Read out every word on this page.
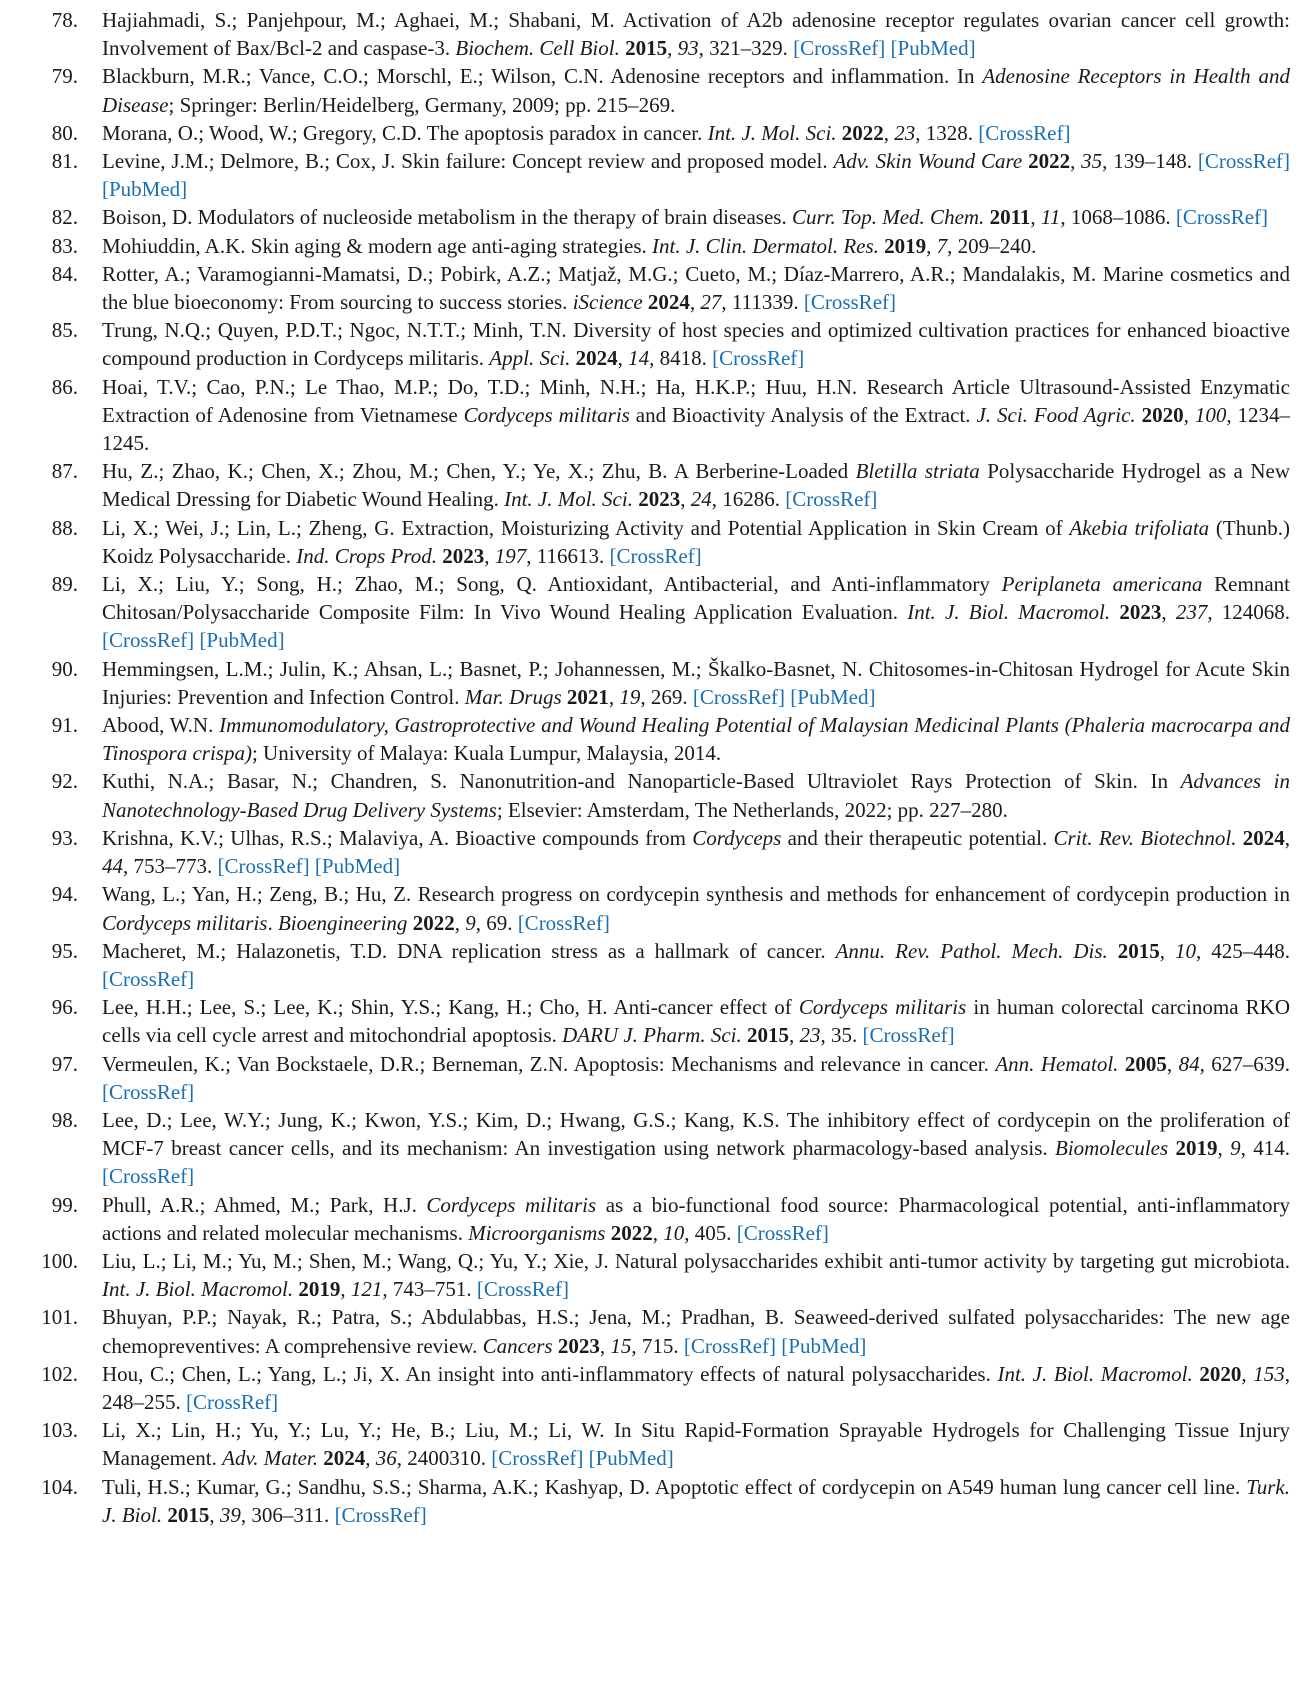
78.	Hajiahmadi, S.; Panjehpour, M.; Aghaei, M.; Shabani, M. Activation of A2b adenosine receptor regulates ovarian cancer cell growth: Involvement of Bax/Bcl-2 and caspase-3. Biochem. Cell Biol. 2015, 93, 321–329. [CrossRef] [PubMed]
79.	Blackburn, M.R.; Vance, C.O.; Morschl, E.; Wilson, C.N. Adenosine receptors and inflammation. In Adenosine Receptors in Health and Disease; Springer: Berlin/Heidelberg, Germany, 2009; pp. 215–269.
80.	Morana, O.; Wood, W.; Gregory, C.D. The apoptosis paradox in cancer. Int. J. Mol. Sci. 2022, 23, 1328. [CrossRef]
81.	Levine, J.M.; Delmore, B.; Cox, J. Skin failure: Concept review and proposed model. Adv. Skin Wound Care 2022, 35, 139–148. [CrossRef] [PubMed]
82.	Boison, D. Modulators of nucleoside metabolism in the therapy of brain diseases. Curr. Top. Med. Chem. 2011, 11, 1068–1086. [CrossRef]
83.	Mohiuddin, A.K. Skin aging & modern age anti-aging strategies. Int. J. Clin. Dermatol. Res. 2019, 7, 209–240.
84.	Rotter, A.; Varamogianni-Mamatsi, D.; Pobirk, A.Z.; Matjaž, M.G.; Cueto, M.; Díaz-Marrero, A.R.; Mandalakis, M. Marine cosmetics and the blue bioeconomy: From sourcing to success stories. iScience 2024, 27, 111339. [CrossRef]
85.	Trung, N.Q.; Quyen, P.D.T.; Ngoc, N.T.T.; Minh, T.N. Diversity of host species and optimized cultivation practices for enhanced bioactive compound production in Cordyceps militaris. Appl. Sci. 2024, 14, 8418. [CrossRef]
86.	Hoai, T.V.; Cao, P.N.; Le Thao, M.P.; Do, T.D.; Minh, N.H.; Ha, H.K.P.; Huu, H.N. Research Article Ultrasound-Assisted Enzymatic Extraction of Adenosine from Vietnamese Cordyceps militaris and Bioactivity Analysis of the Extract. J. Sci. Food Agric. 2020, 100, 1234–1245.
87.	Hu, Z.; Zhao, K.; Chen, X.; Zhou, M.; Chen, Y.; Ye, X.; Zhu, B. A Berberine-Loaded Bletilla striata Polysaccharide Hydrogel as a New Medical Dressing for Diabetic Wound Healing. Int. J. Mol. Sci. 2023, 24, 16286. [CrossRef]
88.	Li, X.; Wei, J.; Lin, L.; Zheng, G. Extraction, Moisturizing Activity and Potential Application in Skin Cream of Akebia trifoliata (Thunb.) Koidz Polysaccharide. Ind. Crops Prod. 2023, 197, 116613. [CrossRef]
89.	Li, X.; Liu, Y.; Song, H.; Zhao, M.; Song, Q. Antioxidant, Antibacterial, and Anti-inflammatory Periplaneta americana Remnant Chitosan/Polysaccharide Composite Film: In Vivo Wound Healing Application Evaluation. Int. J. Biol. Macromol. 2023, 237, 124068. [CrossRef] [PubMed]
90.	Hemmingsen, L.M.; Julin, K.; Ahsan, L.; Basnet, P.; Johannessen, M.; Škalko-Basnet, N. Chitosomes-in-Chitosan Hydrogel for Acute Skin Injuries: Prevention and Infection Control. Mar. Drugs 2021, 19, 269. [CrossRef] [PubMed]
91.	Abood, W.N. Immunomodulatory, Gastroprotective and Wound Healing Potential of Malaysian Medicinal Plants (Phaleria macrocarpa and Tinospora crispa); University of Malaya: Kuala Lumpur, Malaysia, 2014.
92.	Kuthi, N.A.; Basar, N.; Chandren, S. Nanonutrition-and Nanoparticle-Based Ultraviolet Rays Protection of Skin. In Advances in Nanotechnology-Based Drug Delivery Systems; Elsevier: Amsterdam, The Netherlands, 2022; pp. 227–280.
93.	Krishna, K.V.; Ulhas, R.S.; Malaviya, A. Bioactive compounds from Cordyceps and their therapeutic potential. Crit. Rev. Biotechnol. 2024, 44, 753–773. [CrossRef] [PubMed]
94.	Wang, L.; Yan, H.; Zeng, B.; Hu, Z. Research progress on cordycepin synthesis and methods for enhancement of cordycepin production in Cordyceps militaris. Bioengineering 2022, 9, 69. [CrossRef]
95.	Macheret, M.; Halazonetis, T.D. DNA replication stress as a hallmark of cancer. Annu. Rev. Pathol. Mech. Dis. 2015, 10, 425–448. [CrossRef]
96.	Lee, H.H.; Lee, S.; Lee, K.; Shin, Y.S.; Kang, H.; Cho, H. Anti-cancer effect of Cordyceps militaris in human colorectal carcinoma RKO cells via cell cycle arrest and mitochondrial apoptosis. DARU J. Pharm. Sci. 2015, 23, 35. [CrossRef]
97.	Vermeulen, K.; Van Bockstaele, D.R.; Berneman, Z.N. Apoptosis: Mechanisms and relevance in cancer. Ann. Hematol. 2005, 84, 627–639. [CrossRef]
98.	Lee, D.; Lee, W.Y.; Jung, K.; Kwon, Y.S.; Kim, D.; Hwang, G.S.; Kang, K.S. The inhibitory effect of cordycepin on the proliferation of MCF-7 breast cancer cells, and its mechanism: An investigation using network pharmacology-based analysis. Biomolecules 2019, 9, 414. [CrossRef]
99.	Phull, A.R.; Ahmed, M.; Park, H.J. Cordyceps militaris as a bio-functional food source: Pharmacological potential, anti-inflammatory actions and related molecular mechanisms. Microorganisms 2022, 10, 405. [CrossRef]
100.	Liu, L.; Li, M.; Yu, M.; Shen, M.; Wang, Q.; Yu, Y.; Xie, J. Natural polysaccharides exhibit anti-tumor activity by targeting gut microbiota. Int. J. Biol. Macromol. 2019, 121, 743–751. [CrossRef]
101.	Bhuyan, P.P.; Nayak, R.; Patra, S.; Abdulabbas, H.S.; Jena, M.; Pradhan, B. Seaweed-derived sulfated polysaccharides: The new age chemopreventives: A comprehensive review. Cancers 2023, 15, 715. [CrossRef] [PubMed]
102.	Hou, C.; Chen, L.; Yang, L.; Ji, X. An insight into anti-inflammatory effects of natural polysaccharides. Int. J. Biol. Macromol. 2020, 153, 248–255. [CrossRef]
103.	Li, X.; Lin, H.; Yu, Y.; Lu, Y.; He, B.; Liu, M.; Li, W. In Situ Rapid-Formation Sprayable Hydrogels for Challenging Tissue Injury Management. Adv. Mater. 2024, 36, 2400310. [CrossRef] [PubMed]
104.	Tuli, H.S.; Kumar, G.; Sandhu, S.S.; Sharma, A.K.; Kashyap, D. Apoptotic effect of cordycepin on A549 human lung cancer cell line. Turk. J. Biol. 2015, 39, 306–311. [CrossRef]
